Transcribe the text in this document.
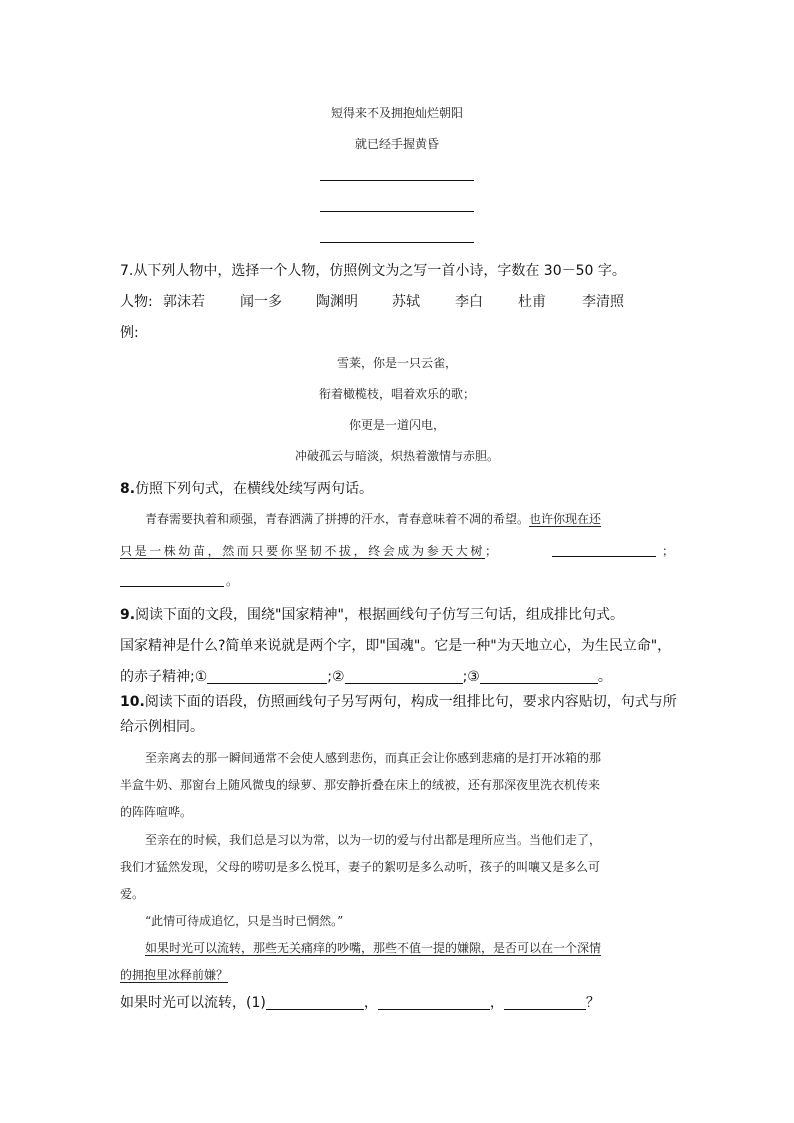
短得来不及拥抱灿烂朝阳
就已经手握黄昏
7.从下列人物中，选择一个人物，仿照例文为之写一首小诗，字数在 30－50 字。
人物: 郭沫若	闻一多 陶渊明 苏轼	李白	杜甫	李清照
例:
雪莱，你是一只云雀，
衔着橄榄枝，唱着欢乐的歌；
你更是一道闪电，
冲破孤云与暗淡，炽热着激情与赤胆。
8.仿照下列句式，在横线处续写两句话。
青春需要执着和顽强，青春洒满了拼搏的汗水，青春意味着不凋的希望。也许你现在还
只是一株幼苗，然而只要你坚韧不拔，终会成为参天大树；	；
。
9.阅读下面的文段，围绕"国家精神"，根据画线句子仿写三句话，组成排比句式。
国家精神是什么?简单来说就是两个字，即"国魂"。它是一种"为天地立心，为生民立命"，
的赤子精神;①	;②	;③	。
10.阅读下面的语段，仿照画线句子另写两句，构成一组排比句，要求内容贴切，句式与所
给示例相同。
至亲离去的那一瞬间通常不会使人感到悲伤，而真正会让你感到悲痛的是打开冰箱的那
半盒牛奶、那窗台上随风微曳的绿萝、那安静折叠在床上的绒被，还有那深夜里洗衣机传来
的阵阵喧哗。
至亲在的时候，我们总是习以为常，以为一切的爱与付出都是理所应当。当他们走了，
我们才猛然发现，父母的唠叨是多么悦耳，妻子的絮叨是多么动听，孩子的叫嚷又是多么可
爱。
“此情可待成追忆，只是当时已惘然。”
如果时光可以流转，那些无关痛痒的吵嘴，那些不值一提的嫌隙，是否可以在一个深情
的拥抱里冰释前嫌？
如果时光可以流转，(1)	，	，	？
